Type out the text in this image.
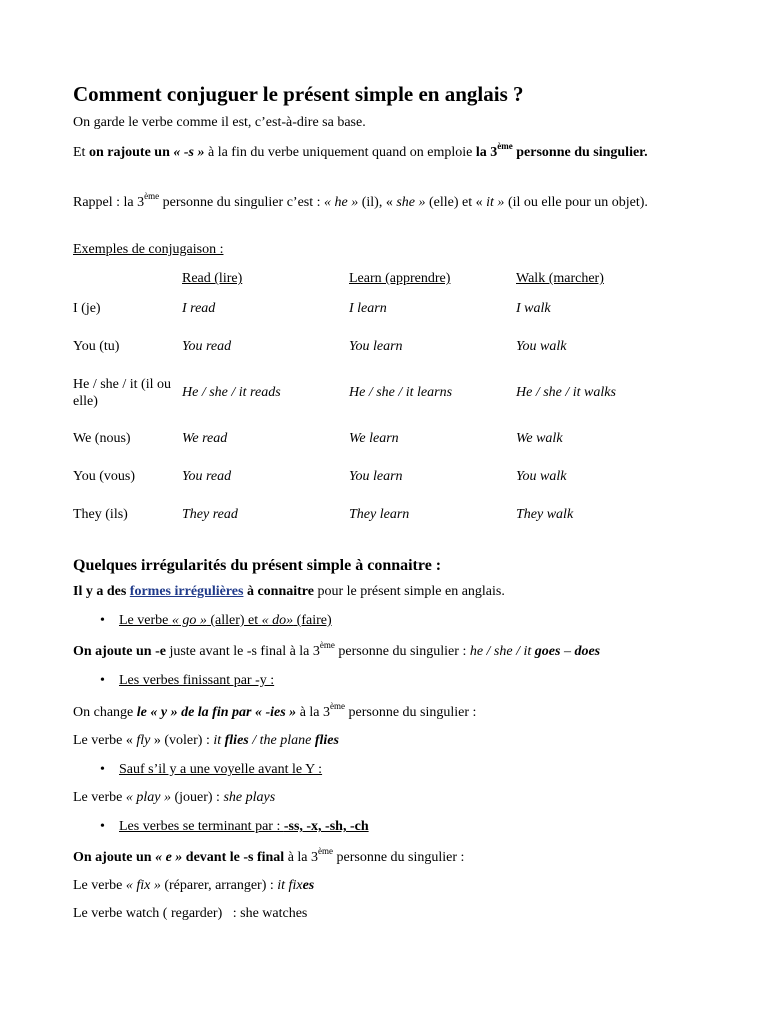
Comment conjuguer le présent simple en anglais ?

On garde le verbe comme il est, c’est-à-dire sa base.

Et on rajoute un « -s » à la fin du verbe uniquement quand on emploie la 3ème personne du singulier.

Rappel : la 3ème personne du singulier c’est : « he » (il), « she » (elle) et « it » (il ou elle pour un objet).

Exemples de conjugaison :

	Read (lire)	Learn (apprendre)	Walk (marcher)
I (je)	I read	I learn	I walk
You (tu)	You read	You learn	You walk
He / she / it (il ou elle)	He / she / it reads	He / she / it learns	He / she / it walks
We (nous)	We read	We learn	We walk
You (vous)	You read	You learn	You walk
They (ils)	They read	They learn	They walk
Quelques irrégularités du présent simple à connaitre :

Il y a des formes irrégulières à connaitre pour le présent simple en anglais.

• Le verbe « go » (aller) et « do» (faire)

On ajoute un -e juste avant le -s final à la 3ème personne du singulier : he / she / it goes – does

• Les verbes finissant par -y :

On change le « y » de la fin par « -ies » à la 3ème personne du singulier :

Le verbe « fly » (voler) : it flies / the plane flies

• Sauf s’il y a une voyelle avant le Y :

Le verbe « play » (jouer) : she plays

• Les verbes se terminant par : -ss, -x, -sh, -ch

On ajoute un « e » devant le -s final à la 3ème personne du singulier :

Le verbe « fix » (réparer, arranger) : it fixes

Le verbe watch ( regarder)   : she watches
